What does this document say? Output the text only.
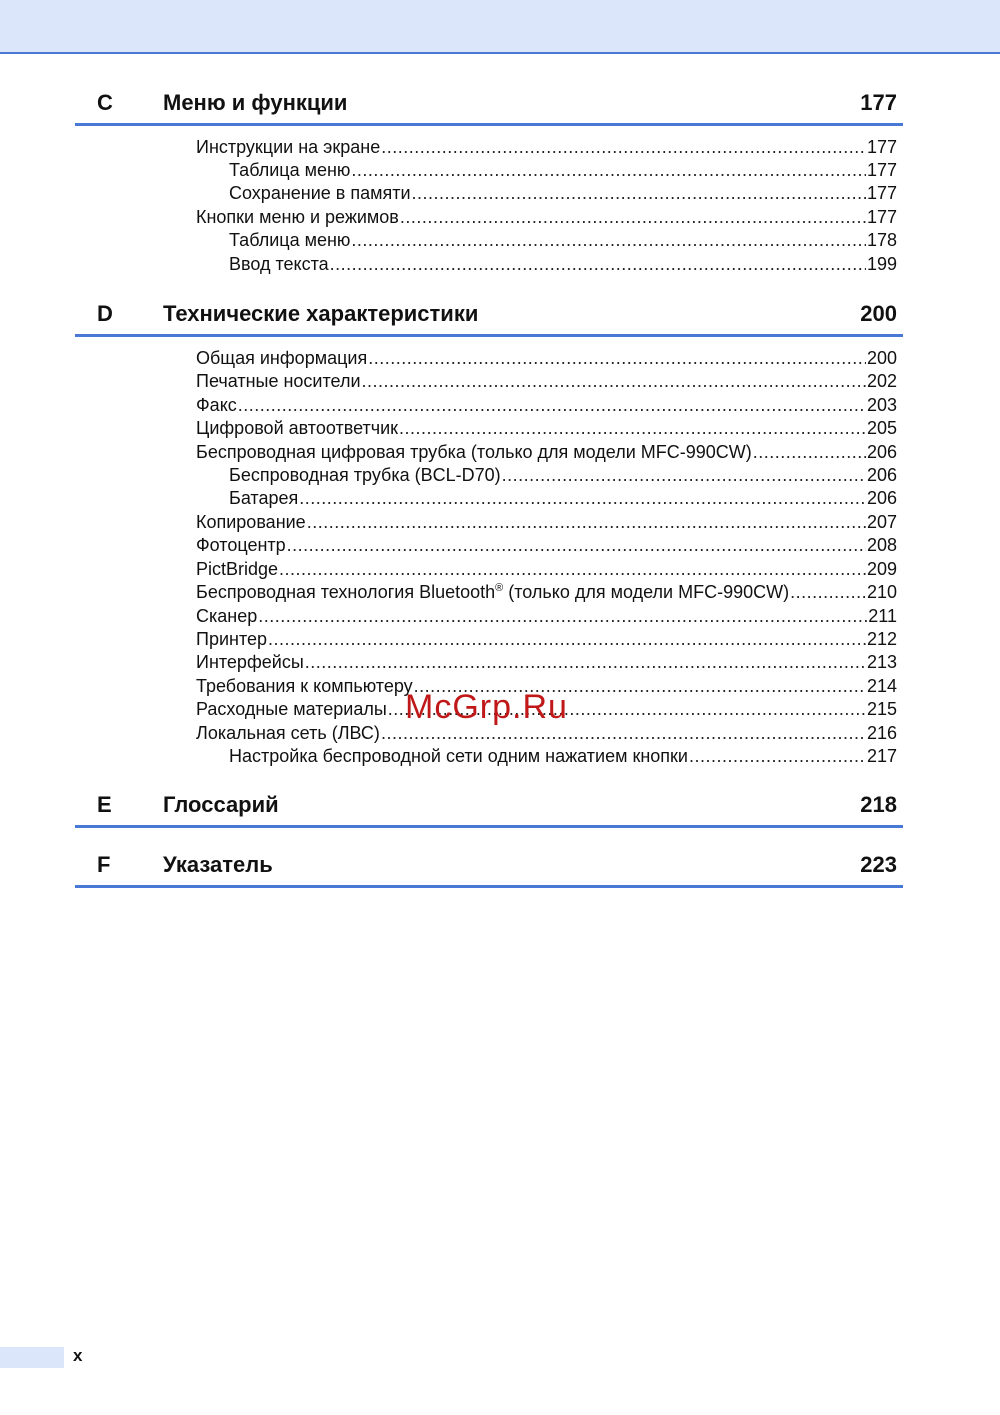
C Меню и функции	177
Инструкции на экране .....	177
Таблица меню .....	177
Сохранение в памяти .....	177
Кнопки меню и режимов .....	177
Таблица меню .....	178
Ввод текста .....	199
D Технические характеристики	200
Общая информация .....	200
Печатные носители .....	202
Факс .....	203
Цифровой автоответчик .....	205
Беспроводная цифровая трубка (только для модели MFC-990CW) .....	206
Беспроводная трубка (BCL-D70) .....	206
Батарея .....	206
Копирование .....	207
Фотоцентр .....	208
PictBridge .....	209
Беспроводная технология Bluetooth® (только для модели MFC-990CW) .....	210
Сканер .....	211
Принтер .....	212
Интерфейсы .....	213
Требования к компьютеру .....	214
Расходные материалы .....	215
Локальная сеть (ЛВС) .....	216
Настройка беспроводной сети одним нажатием кнопки .....	217
E Глоссарий	218
F Указатель	223
McGrp.Ru
x
